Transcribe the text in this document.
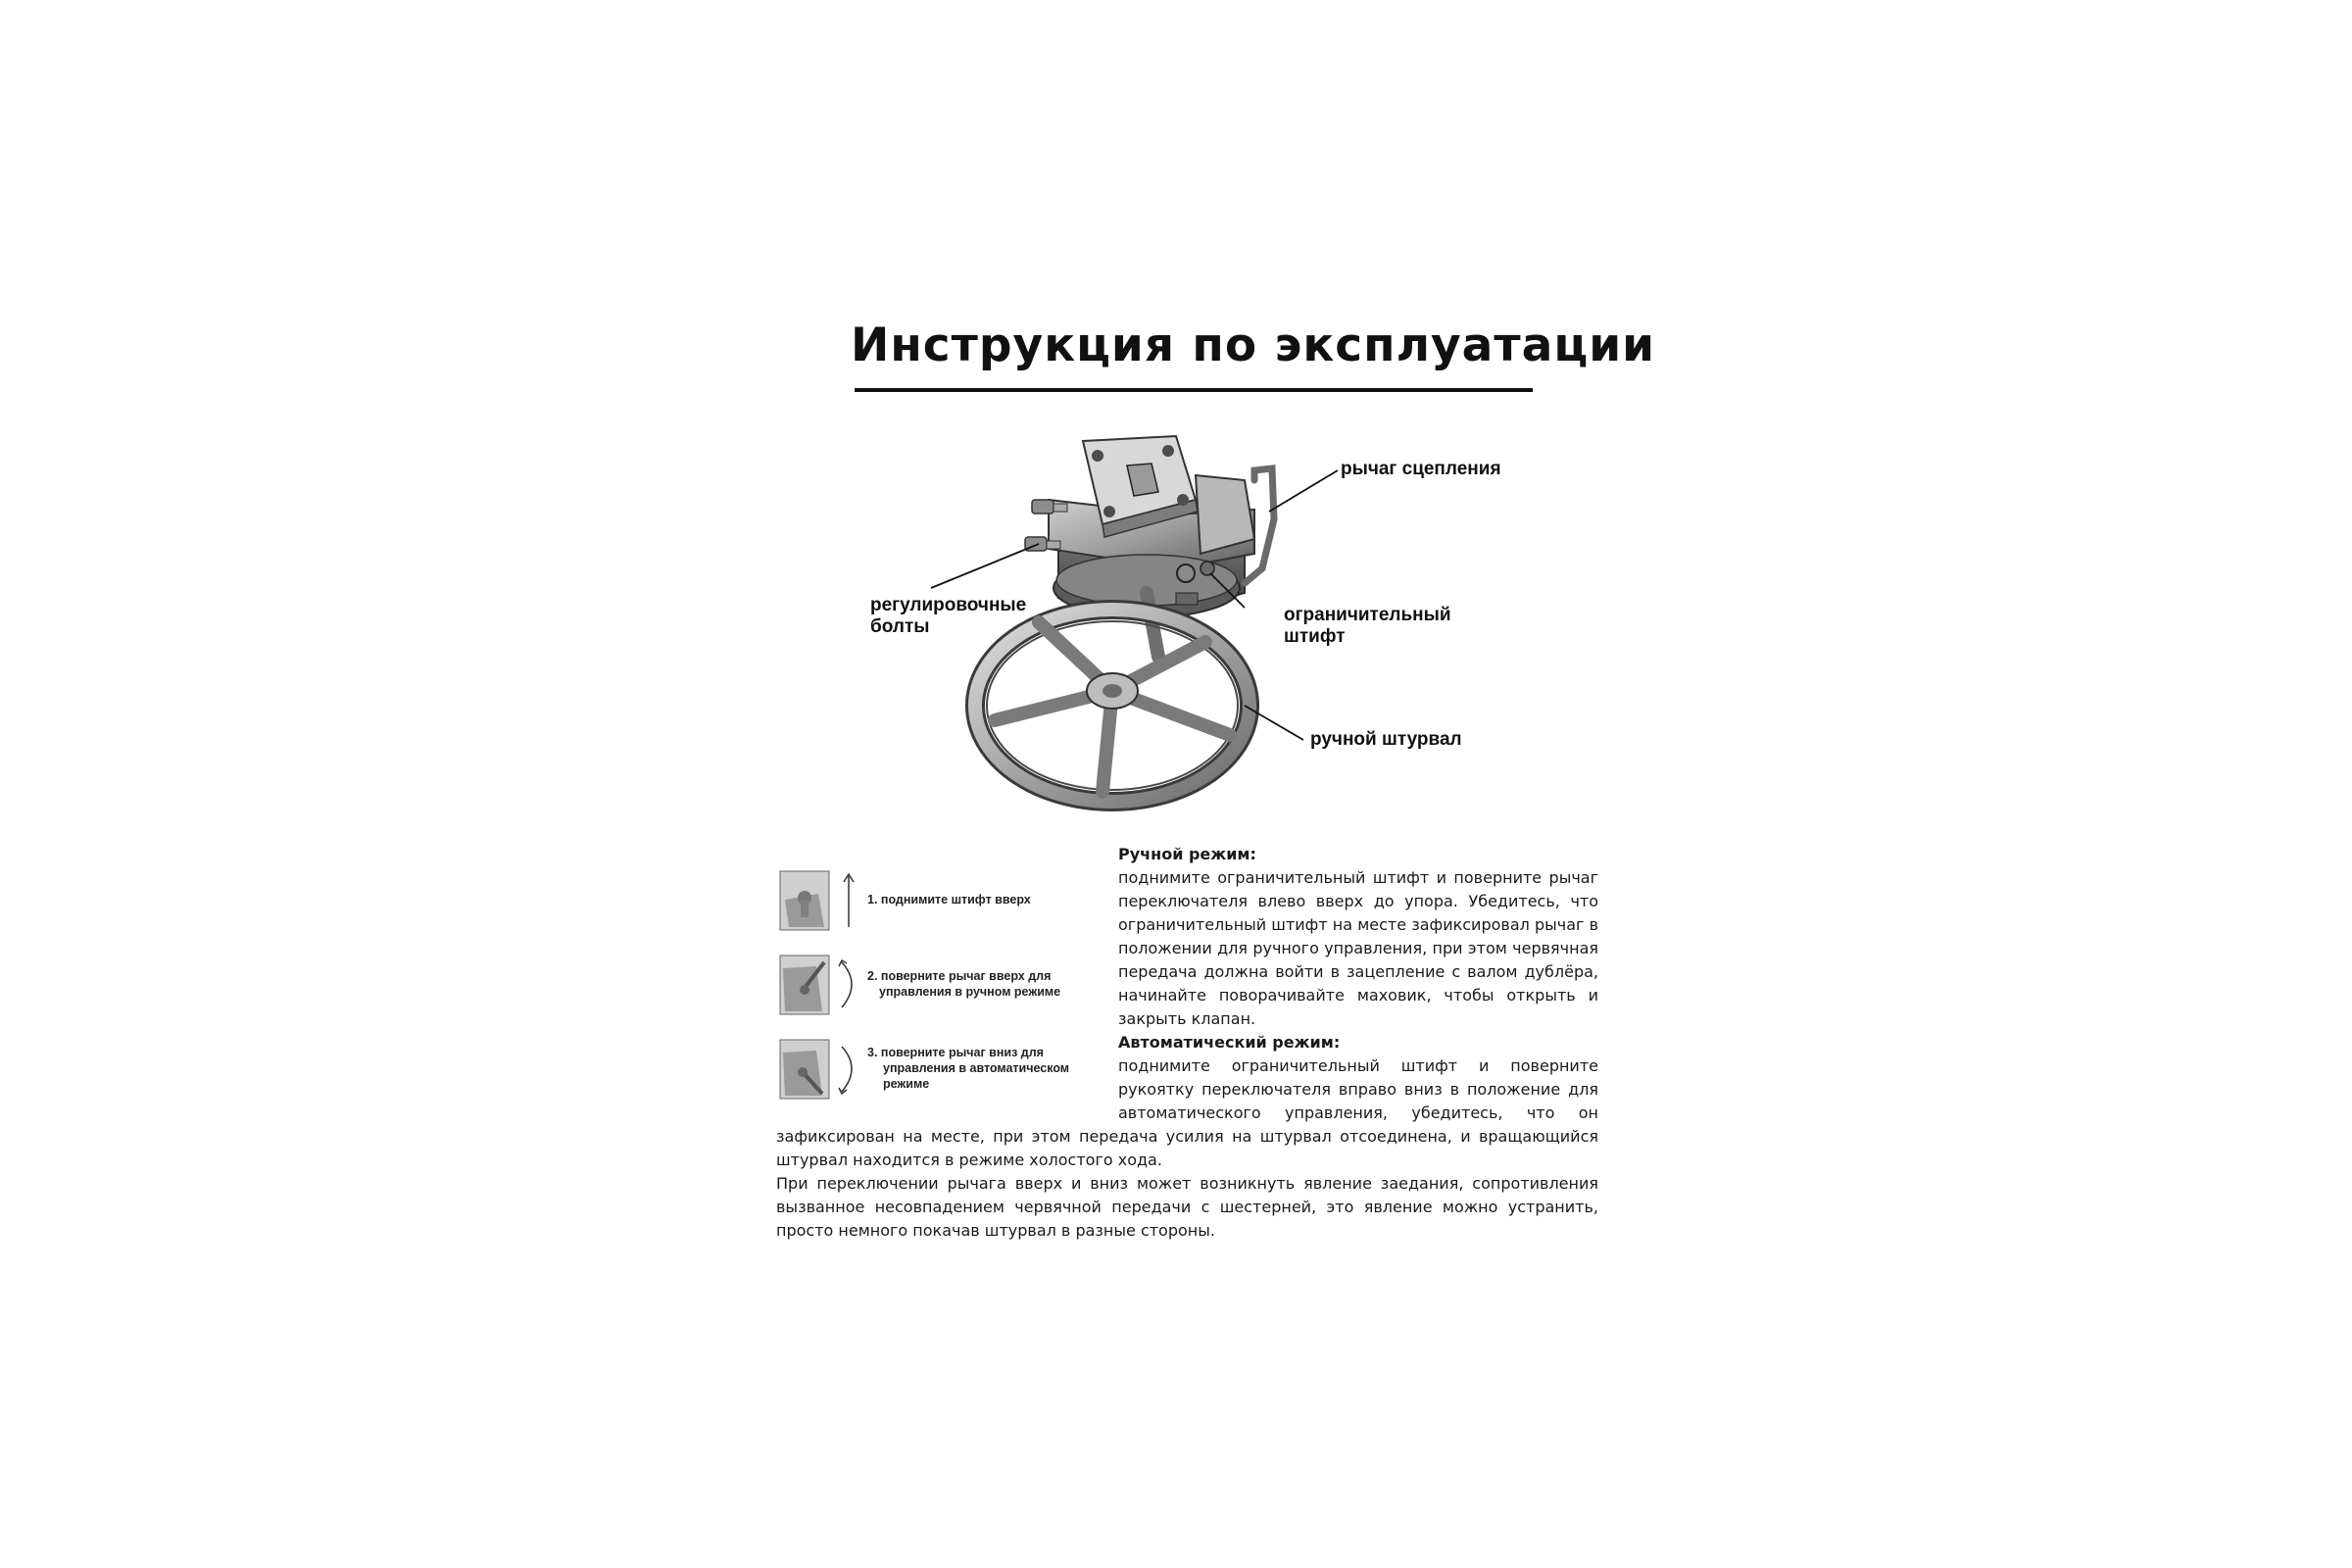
Инструкция по эксплуатации
рычаг сцепления
регулировочные
болты
ограничительный
штифт
ручной штурвал
1. поднимите штифт вверх
2. поверните рычаг вверх для
управления в ручном режиме
3. поверните рычаг вниз для
управления в автоматическом
режиме
Ручной режим:
поднимите ограничительный штифт и поверните рычаг переключателя влево вверх до упора. Убедитесь, что ограничительный штифт на месте зафиксировал рычаг в положении для ручного управления, при этом червячная передача должна войти в зацепление с валом дублёра, начинайте поворачивайте маховик, чтобы открыть и закрыть клапан.
Автоматический режим:
поднимите ограничительный штифт и поверните рукоятку переключателя вправо вниз в положение для автоматического управления, убедитесь, что он
зафиксирован на месте, при этом передача усилия на штурвал отсоединена, и вращающийся штурвал находится в режиме холостого хода.
При переключении рычага вверх и вниз может возникнуть явление заедания, сопротивления вызванное несовпадением червячной передачи с шестерней, это явление можно устранить, просто немного покачав штурвал в разные стороны.
